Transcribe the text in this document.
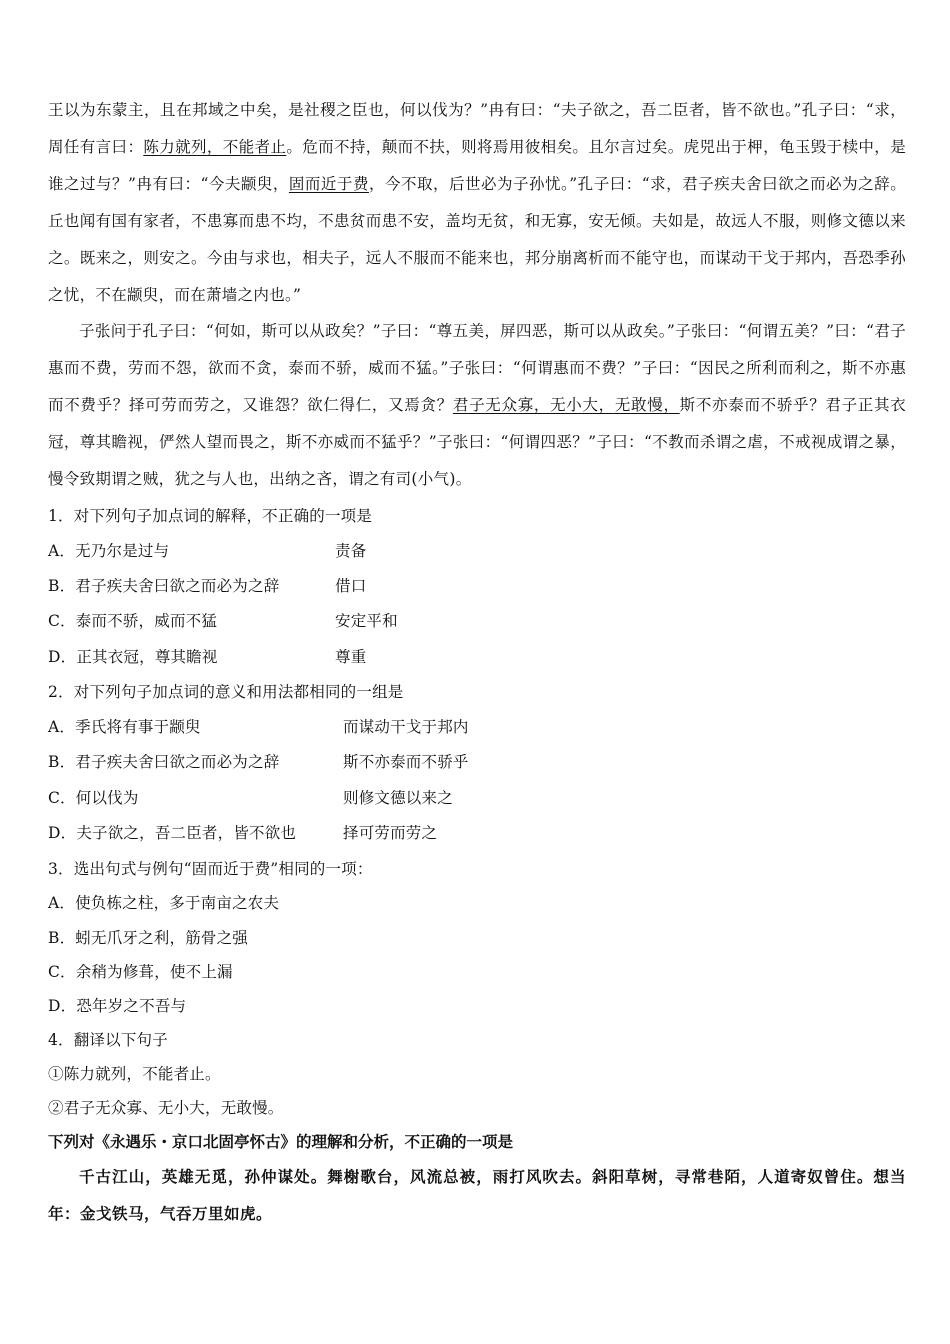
王以为东蒙主，且在邦域之中矣，是社稷之臣也，何以伐为？”冉有曰：“夫子欲之，吾二臣者，皆不欲也。”孔子曰：“求，周任有言曰：陈力就列，不能者止。危而不持，颠而不扶，则将焉用彼相矣。且尔言过矣。虎兕出于柙，龟玉毁于椟中，是谁之过与？”冉有曰：“今夫颛臾，固而近于费，今不取，后世必为子孙忧。”孔子曰：“求，君子疾夫舍曰欲之而必为之辞。丘也闻有国有家者，不患寡而患不均，不患贫而患不安，盖均无贫，和无寡，安无倾。夫如是，故远人不服，则修文德以来之。既来之，则安之。今由与求也，相夫子，远人不服而不能来也，邦分崩离析而不能守也，而谋动干戈于邦内，吾恐季孙之忧，不在颛臾，而在萧墙之内也。”

子张问于孔子曰：“何如，斯可以从政矣？”子曰：“尊五美，屏四恶，斯可以从政矣。”子张曰：“何谓五美？”曰：“君子惠而不费，劳而不怨，欲而不贪，泰而不骄，威而不猛。”子张曰：“何谓惠而不费？”子曰：“因民之所利而利之，斯不亦惠而不费乎？择可劳而劳之，又谁怨？欲仁得仁，又焉贪？君子无众寡，无小大，无敢慢，斯不亦泰而不骄乎？君子正其衣冠，尊其瞻视，俨然人望而畏之，斯不亦威而不猛乎？”子张曰：“何谓四恶？”子曰：“不教而杀谓之虐，不戒视成谓之暴，慢令致期谓之贼，犹之与人也，出纳之吝，谓之有司(小气)。

1．对下列句子加点词的解释，不正确的一项是

A．无乃尔是过与	责备
B．君子疾夫舍曰欲之而必为之辞	借口
C．泰而不骄，威而不猛	安定平和
D．正其衣冠，尊其瞻视	尊重

2．对下列句子加点词的意义和用法都相同的一组是

A．季氏将有事于颛臾	而谋动干戈于邦内
B．君子疾夫舍曰欲之而必为之辞	斯不亦泰而不骄乎
C．何以伐为	则修文德以来之
D．夫子欲之，吾二臣者，皆不欲也	择可劳而劳之

3．选出句式与例句“固而近于费”相同的一项：

A．使负栋之柱，多于南亩之农夫

B．蚓无爪牙之利，筋骨之强

C．余稍为修葺，使不上漏

D．恐年岁之不吾与

4．翻译以下句子

①陈力就列，不能者止。

②君子无众寡、无小大，无敢慢。

下列对《永遇乐・京口北固亭怀古》的理解和分析，不正确的一项是

千古江山，英雄无觅，孙仲谋处。舞榭歌台，风流总被，雨打风吹去。斜阳草树，寻常巷陌，人道寄奴曾住。想当年：金戈铁马，气吞万里如虎。
